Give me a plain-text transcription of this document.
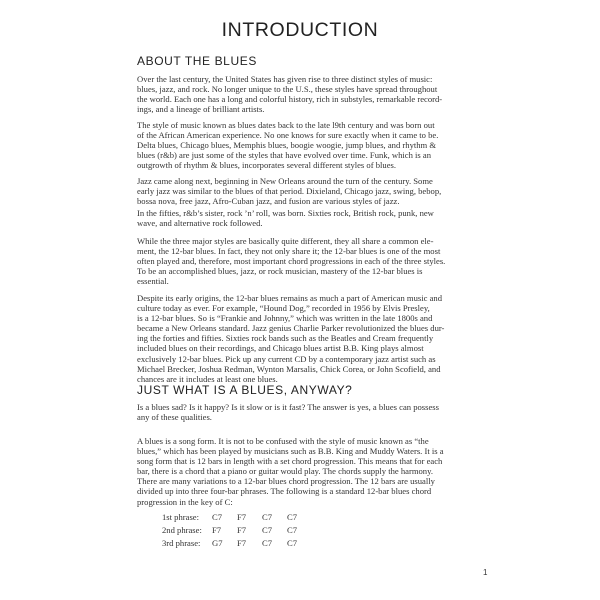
INTRODUCTION
ABOUT THE BLUES
JUST WHAT IS A BLUES, ANYWAY?
Over the last century, the United States has given rise to three distinct styles of music:
blues, jazz, and rock. No longer unique to the U.S., these styles have spread throughout
the world. Each one has a long and colorful history, rich in substyles, remarkable record-
ings, and a lineage of brilliant artists.
The style of music known as blues dates back to the late l9th century and was born out
of the African American experience. No one knows for sure exactly when it came to be.
Delta blues, Chicago blues, Memphis blues, boogie woogie, jump blues, and rhythm &
blues (r&b) are just some of the styles that have evolved over time. Funk, which is an
outgrowth of rhythm & blues, incorporates several different styles of blues.
Jazz came along next, beginning in New Orleans around the turn of the century. Some
early jazz was similar to the blues of that period. Dixieland, Chicago jazz, swing, bebop,
bossa nova, free jazz, Afro-Cuban jazz, and fusion are various styles of jazz.
In the fifties, r&b’s sister, rock ’n’ roll, was born. Sixties rock, British rock, punk, new
wave, and alternative rock followed.
While the three major styles are basically quite different, they all share a common ele-
ment, the 12-bar blues. In fact, they not only share it; the 12-bar blues is one of the most
often played and, therefore, most important chord progressions in each of the three styles.
To be an accomplished blues, jazz, or rock musician, mastery of the 12-bar blues is
essential.
Despite its early origins, the 12-bar blues remains as much a part of American music and
culture today as ever. For example, “Hound Dog,” recorded in 1956 by Elvis Presley,
is a 12-bar blues. So is “Frankie and Johnny,” which was written in the late 1800s and
became a New Orleans standard. Jazz genius Charlie Parker revolutionized the blues dur-
ing the forties and fifties. Sixties rock bands such as the Beatles and Cream frequently
included blues on their recordings, and Chicago blues artist B.B. King plays almost
exclusively 12-bar blues. Pick up any current CD by a contemporary jazz artist such as
Michael Brecker, Joshua Redman, Wynton Marsalis, Chick Corea, or John Scofield, and
chances are it includes at least one blues.
Is a blues sad? Is it happy? Is it slow or is it fast? The answer is yes, a blues can possess
any of these qualities.
A blues is a song form. It is not to be confused with the style of music known as “the
blues,” which has been played by musicians such as B.B. King and Muddy Waters. It is a
song form that is 12 bars in length with a set chord progression. This means that for each
bar, there is a chord that a piano or guitar would play. The chords supply the harmony.
There are many variations to a 12-bar blues chord progression. The 12 bars are usually
divided up into three four-bar phrases. The following is a standard 12-bar blues chord
progression in the key of C:
1st phrase: C7 F7 C7 C7
2nd phrase: F7 F7 C7 C7
3rd phrase: G7 F7 C7 C7
1
